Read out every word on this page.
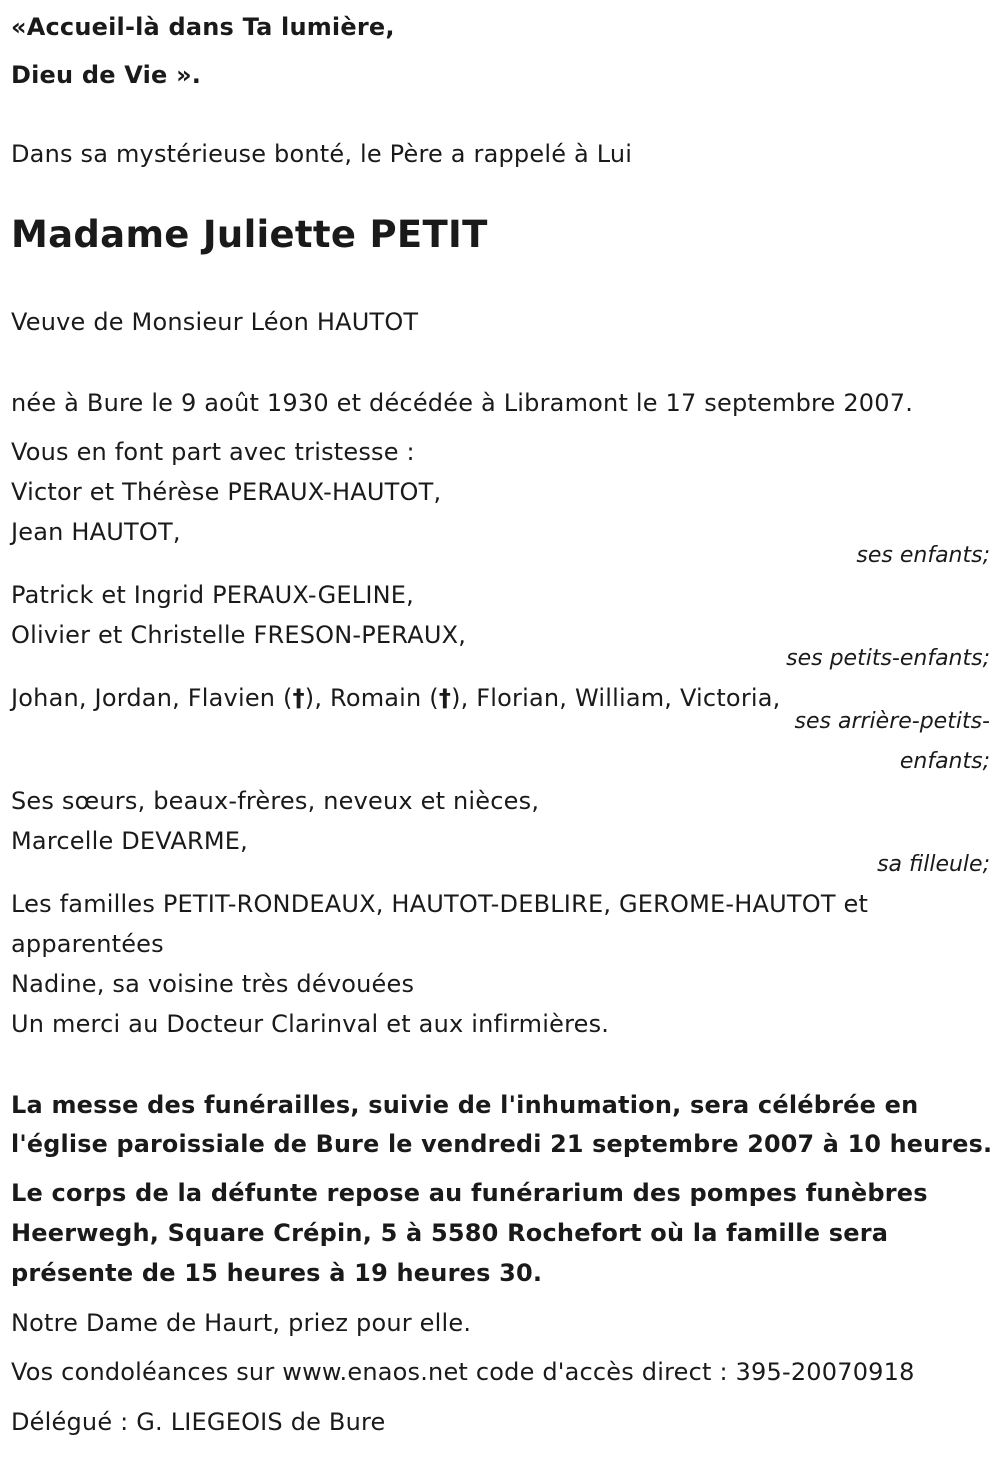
«Accueil-là dans Ta lumière,
Dieu de Vie ».
Dans sa mystérieuse bonté, le Père a rappelé à Lui
Madame Juliette PETIT
Veuve de Monsieur Léon HAUTOT
née à Bure le 9 août 1930 et décédée à Libramont le 17 septembre 2007.
Vous en font part avec tristesse :
Victor et Thérèse PERAUX-HAUTOT,
Jean HAUTOT,
ses enfants;
Patrick et Ingrid PERAUX-GELINE,
Olivier et Christelle FRESON-PERAUX,
ses petits-enfants;
Johan, Jordan, Flavien (†), Romain (†), Florian, William, Victoria,
ses arrière-petits-
enfants;
Ses sœurs, beaux-frères, neveux et nièces,
Marcelle DEVARME,
sa filleule;
Les familles PETIT-RONDEAUX, HAUTOT-DEBLIRE, GEROME-HAUTOT et
apparentées
Nadine, sa voisine très dévouées
Un merci au Docteur Clarinval et aux infirmières.
La messe des funérailles, suivie de l'inhumation, sera célébrée en
l'église paroissiale de Bure le vendredi 21 septembre 2007 à 10 heures.
Le corps de la défunte repose au funérarium des pompes funèbres
Heerwegh, Square Crépin, 5 à 5580 Rochefort où la famille sera
présente de 15 heures à 19 heures 30.
Notre Dame de Haurt, priez pour elle.
Vos condoléances sur www.enaos.net code d'accès direct : 395-20070918
Délégué : G. LIEGEOIS de Bure
